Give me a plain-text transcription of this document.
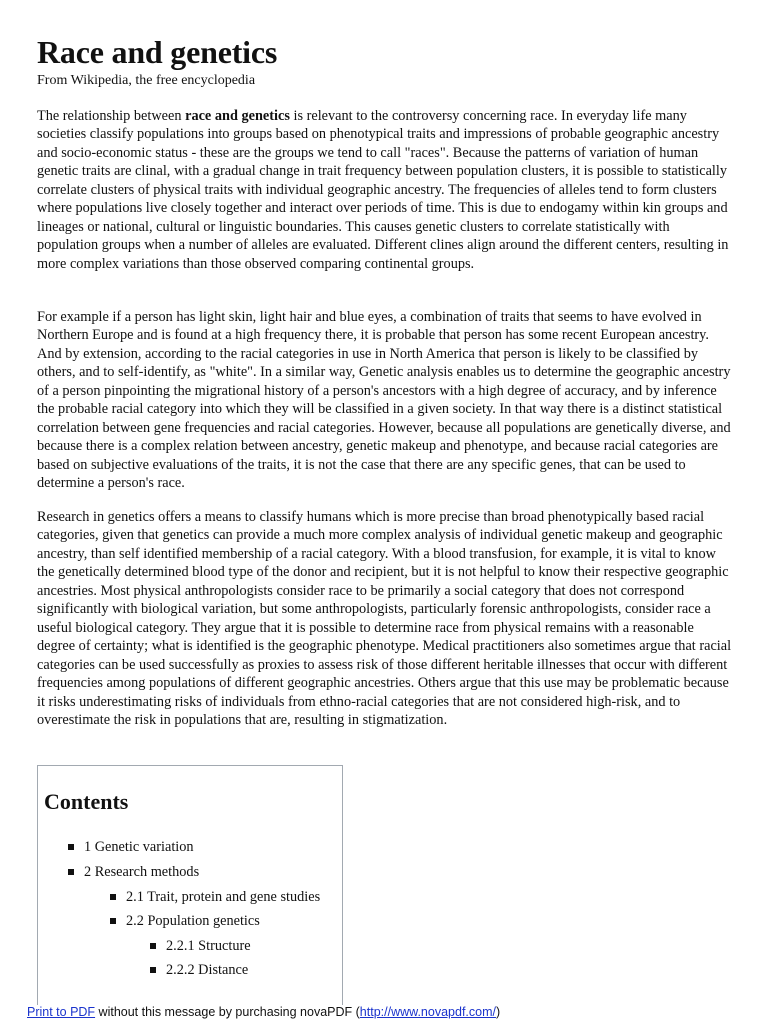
Race and genetics
From Wikipedia, the free encyclopedia

The relationship between race and genetics is relevant to the controversy concerning race. In everyday life many societies classify populations into groups based on phenotypical traits and impressions of probable geographic ancestry and socio-economic status - these are the groups we tend to call "races". Because the patterns of variation of human genetic traits are clinal, with a gradual change in trait frequency between population clusters, it is possible to statistically correlate clusters of physical traits with individual geographic ancestry. The frequencies of alleles tend to form clusters where populations live closely together and interact over periods of time. This is due to endogamy within kin groups and lineages or national, cultural or linguistic boundaries. This causes genetic clusters to correlate statistically with population groups when a number of alleles are evaluated. Different clines align around the different centers, resulting in more complex variations than those observed comparing continental groups.

For example if a person has light skin, light hair and blue eyes, a combination of traits that seems to have evolved in Northern Europe and is found at a high frequency there, it is probable that person has some recent European ancestry. And by extension, according to the racial categories in use in North America that person is likely to be classified by others, and to self-identify, as "white". In a similar way, Genetic analysis enables us to determine the geographic ancestry of a person pinpointing the migrational history of a person's ancestors with a high degree of accuracy, and by inference the probable racial category into which they will be classified in a given society. In that way there is a distinct statistical correlation between gene frequencies and racial categories. However, because all populations are genetically diverse, and because there is a complex relation between ancestry, genetic makeup and phenotype, and because racial categories are based on subjective evaluations of the traits, it is not the case that there are any specific genes, that can be used to determine a person's race.

Research in genetics offers a means to classify humans which is more precise than broad phenotypically based racial categories, given that genetics can provide a much more complex analysis of individual genetic makeup and geographic ancestry, than self identified membership of a racial category. With a blood transfusion, for example, it is vital to know the genetically determined blood type of the donor and recipient, but it is not helpful to know their respective geographic ancestries. Most physical anthropologists consider race to be primarily a social category that does not correspond significantly with biological variation, but some anthropologists, particularly forensic anthropologists, consider race a useful biological category. They argue that it is possible to determine race from physical remains with a reasonable degree of certainty; what is identified is the geographic phenotype. Medical practitioners also sometimes argue that racial categories can be used successfully as proxies to assess risk of those different heritable illnesses that occur with different frequencies among populations of different geographic ancestries. Others argue that this use may be problematic because it risks underestimating risks of individuals from ethno-racial categories that are not considered high-risk, and to overestimate the risk in populations that are, resulting in stigmatization.

Contents
1 Genetic variation
2 Research methods
2.1 Trait, protein and gene studies
2.2 Population genetics
2.2.1 Structure
2.2.2 Distance
Print to PDF without this message by purchasing novaPDF (http://www.novapdf.com/)
